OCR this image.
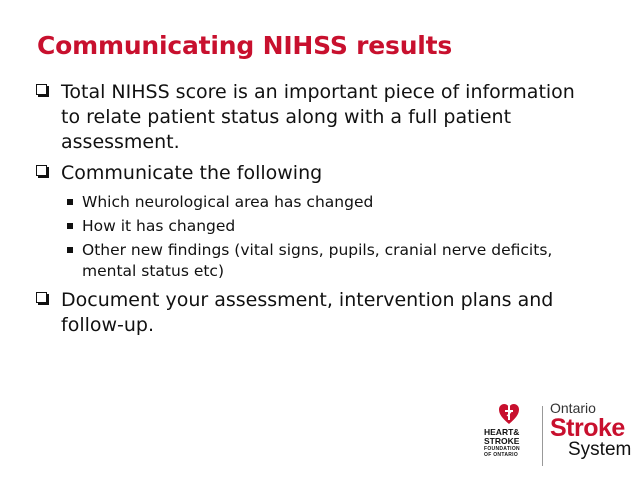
Communicating NIHSS results
Total NIHSS score is an important piece of information to relate patient status along with a full patient assessment.
Communicate the following
Which neurological area has changed
How it has changed
Other new findings (vital signs, pupils, cranial nerve deficits, mental status etc)
Document your assessment, intervention plans and follow-up.
HEART&
STROKE
FOUNDATION
OF ONTARIO
Ontario
Stroke
System
